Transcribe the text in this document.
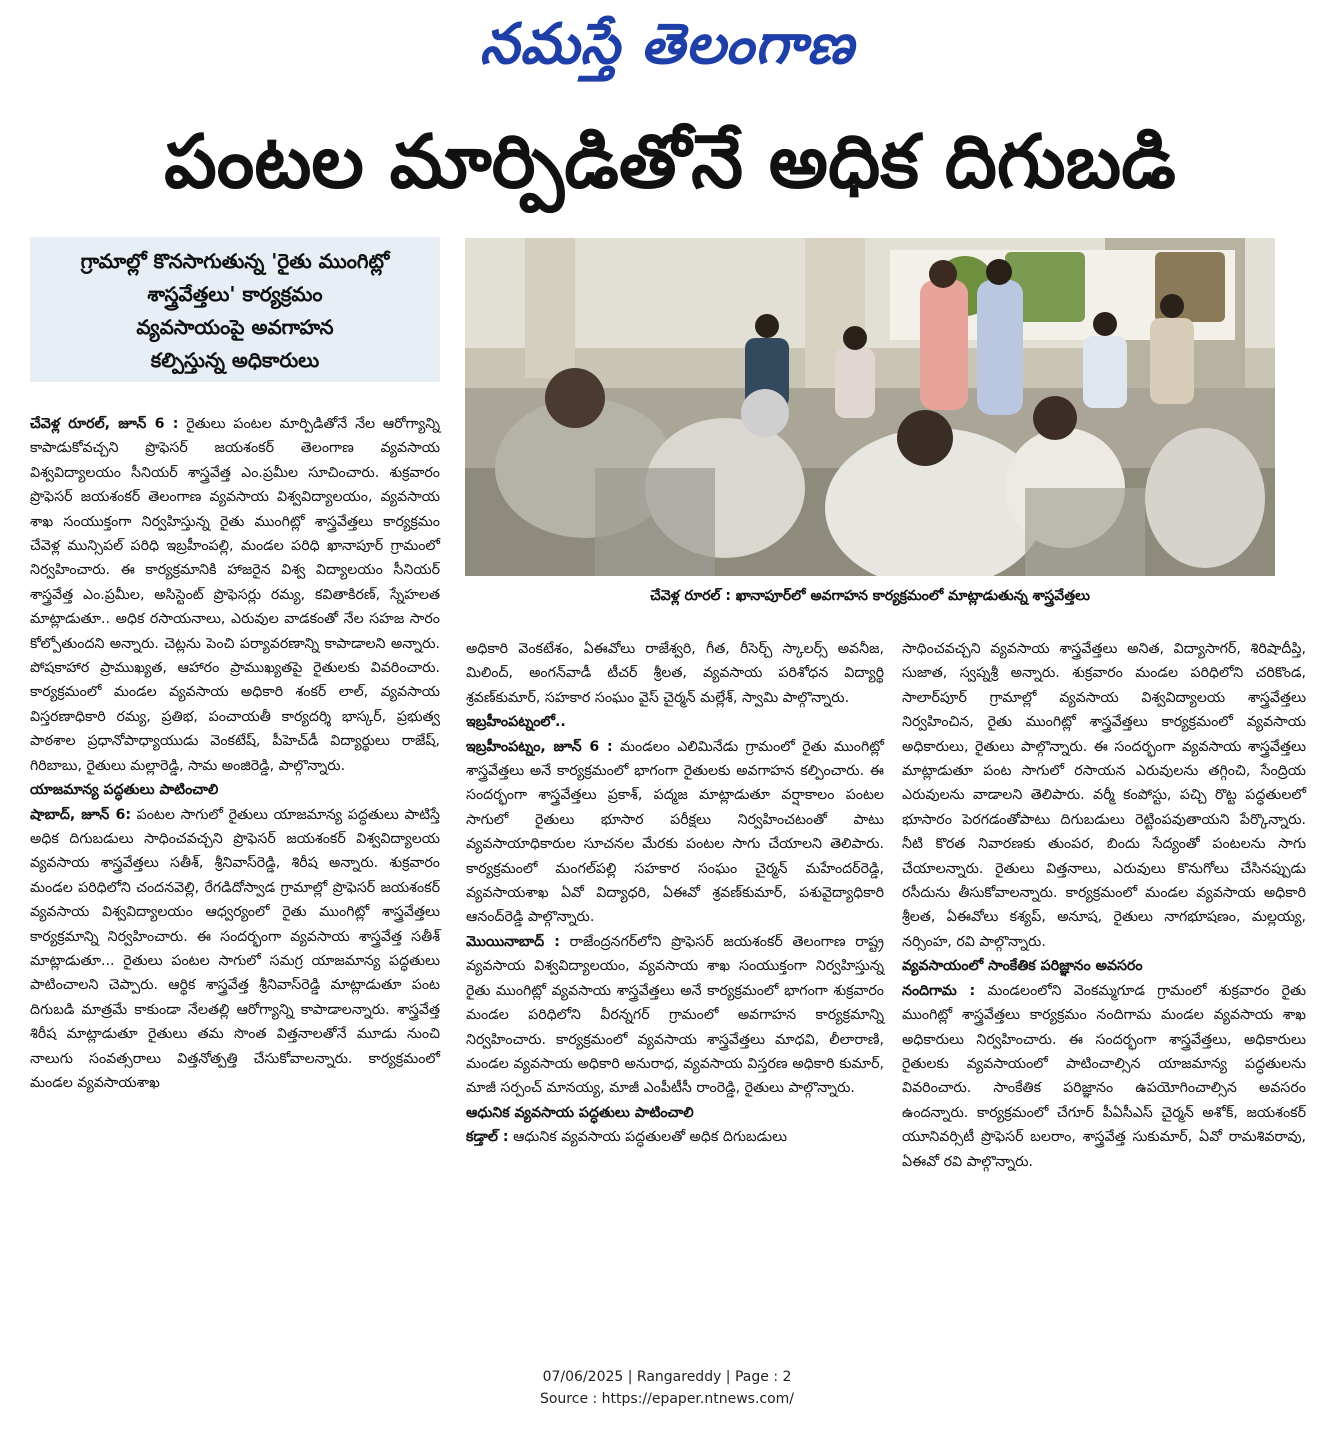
నమస్తే తెలంగాణ
పంటల మార్పిడితోనే అధిక దిగుబడి
గ్రామాల్లో కొనసాగుతున్న 'రైతు ముంగిట్లో
శాస్త్రవేత్తలు' కార్యక్రమం
వ్యవసాయంపై అవగాహన
కల్పిస్తున్న అధికారులు
చేవెళ్ల రూరల్ : ఖానాపూర్‌లో అవగాహన కార్యక్రమంలో మాట్లాడుతున్న శాస్త్రవేత్తలు

చేవెళ్ల రూరల్, జూన్ 6 : రైతులు పంటల మార్పిడితోనే నేల ఆరోగ్యాన్ని కాపాడుకోవచ్చని ప్రొఫెసర్ జయశంకర్ తెలంగాణ వ్యవసాయ విశ్వవిద్యాలయం సీనియర్ శాస్త్రవేత్త ఎం.ప్రమీల సూచించారు. శుక్రవారం ప్రొఫెసర్ జయశంకర్ తెలంగాణ వ్యవసాయ విశ్వవిద్యాలయం, వ్యవసాయ శాఖ సంయుక్తంగా నిర్వహిస్తున్న రైతు ముంగిట్లో శాస్త్రవేత్తలు కార్యక్రమం చేవెళ్ల మున్సిపల్ పరిధి ఇబ్రహీంపల్లి, మండల పరిధి ఖానాపూర్ గ్రామంలో నిర్వహించారు. ఈ కార్యక్రమానికి హాజరైన విశ్వ విద్యాలయం సీనియర్ శాస్త్రవేత్త ఎం.ప్రమీల, అసిస్టెంట్ ప్రొఫెసర్లు రమ్య, కవితాకిరణ్, స్నేహలత మాట్లాడుతూ.. అధిక రసాయనాలు, ఎరువుల వాడకంతో నేల సహజ సారం కోల్పోతుందని అన్నారు. చెట్లను పెంచి పర్యావరణాన్ని కాపాడాలని అన్నారు. పోషకాహార ప్రాముఖ్యత, ఆహారం ప్రాముఖ్యతపై రైతులకు వివరించారు. కార్యక్రమంలో మండల వ్యవసాయ అధికారి శంకర్ లాల్, వ్యవసాయ విస్తరణాధికారి రమ్య, ప్రతిభ, పంచాయతీ కార్యదర్శి భాస్కర్, ప్రభుత్వ పాఠశాల ప్రధానోపాధ్యాయుడు వెంకటేష్, పీహెచ్‌డీ విద్యార్థులు రాజేష్, గిరిబాబు, రైతులు మల్లారెడ్డి, సామ అంజిరెడ్డి, పాల్గొన్నారు.

యాజమాన్య పద్ధతులు పాటించాలి

షాబాద్, జూన్ 6: పంటల సాగులో రైతులు యాజమాన్య పద్ధతులు పాటిస్తే అధిక దిగుబడులు సాధించవచ్చని ప్రొఫెసర్ జయశంకర్ విశ్వవిద్యాలయ వ్యవసాయ శాస్త్రవేత్తలు సతీశ్, శ్రీనివాస్‌రెడ్డి, శిరీష అన్నారు. శుక్రవారం మండల పరిధిలోని చందనవెల్లి, రేగడిదోస్వాడ గ్రామాల్లో ప్రొఫెసర్ జయశంకర్ వ్యవసాయ విశ్వవిద్యాలయం ఆధ్వర్యంలో రైతు ముంగిట్లో శాస్త్రవేత్తలు కార్యక్రమాన్ని నిర్వహించారు. ఈ సందర్భంగా వ్యవసాయ శాస్త్రవేత్త సతీశ్ మాట్లాడుతూ... రైతులు పంటల సాగులో సమగ్ర యాజమాన్య పద్ధతులు పాటించాలని చెప్పారు. ఆర్థిక శాస్త్రవేత్త శ్రీనివాస్‌రెడ్డి మాట్లాడుతూ పంట దిగుబడి మాత్రమే కాకుండా నేలతల్లి ఆరోగ్యాన్ని కాపాడాలన్నారు. శాస్త్రవేత్త శిరీష మాట్లాడుతూ రైతులు తమ సొంత విత్తనాలతోనే మూడు నుంచి నాలుగు సంవత్సరాలు విత్తనోత్పత్తి చేసుకోవాలన్నారు. కార్యక్రమంలో మండల వ్యవసాయశాఖ

అధికారి వెంకటేశం, ఏఈవోలు రాజేశ్వరి, గీత, రీసెర్చ్ స్కాలర్స్ అవనీజ, మిలింద్, అంగన్‌వాడీ టీచర్ శ్రీలత, వ్యవసాయ పరిశోధన విద్యార్థి శ్రవణ్‌కుమార్, సహకార సంఘం వైస్ చైర్మన్ మల్లేశ్, స్వామి పాల్గొన్నారు.

ఇబ్రహీంపట్నంలో..

ఇబ్రహీంపట్నం, జూన్ 6 : మండలం ఎలిమినేడు గ్రామంలో రైతు ముంగిట్లో శాస్త్రవేత్తలు అనే కార్యక్రమంలో భాగంగా రైతులకు అవగాహన కల్పించారు. ఈ సందర్భంగా శాస్త్రవేత్తలు ప్రకాశ్, పద్మజ మాట్లాడుతూ వర్షాకాలం పంటల సాగులో రైతులు భూసార పరీక్షలు నిర్వహించటంతో పాటు వ్యవసాయాధికారుల సూచనల మేరకు పంటల సాగు చేయాలని తెలిపారు. కార్యక్రమంలో మంగల్‌పల్లి సహకార సంఘం చైర్మన్ మహేందర్‌రెడ్డి, వ్యవసాయశాఖ ఏవో విద్యాధరి, ఏఈవో శ్రవణ్‌కుమార్, పశువైద్యాధికారి ఆనంద్‌రెడ్డి పాల్గొన్నారు.

మొయినాబాద్ : రాజేంద్రనగర్‌లోని ప్రొఫెసర్ జయశంకర్ తెలంగాణ రాష్ట్ర వ్యవసాయ విశ్వవిద్యాలయం, వ్యవసాయ శాఖ సంయుక్తంగా నిర్వహిస్తున్న రైతు ముంగిట్లో వ్యవసాయ శాస్త్రవేత్తలు అనే కార్యక్రమంలో భాగంగా శుక్రవారం మండల పరిధిలోని వీరన్నగర్ గ్రామంలో అవగాహన కార్యక్రమాన్ని నిర్వహించారు. కార్యక్రమంలో వ్యవసాయ శాస్త్రవేత్తలు మాధవి, లీలారాణి, మండల వ్యవసాయ అధికారి అనురాధ, వ్యవసాయ విస్తరణ అధికారి కుమార్, మాజీ సర్పంచ్ మానయ్య, మాజీ ఎంపీటీసీ రాంరెడ్డి, రైతులు పాల్గొన్నారు.

ఆధునిక వ్యవసాయ పద్ధతులు పాటించాలి

కడ్తాల్ : ఆధునిక వ్యవసాయ పద్ధతులతో అధిక దిగుబడులు

సాధించవచ్చని వ్యవసాయ శాస్త్రవేత్తలు అనిత, విద్యాసాగర్, శిరిషాదీప్తి, సుజాత, స్వప్నశ్రీ అన్నారు. శుక్రవారం మండల పరిధిలోని చరికొండ, సాలార్‌పూర్ గ్రామాల్లో వ్యవసాయ విశ్వవిద్యాలయ శాస్త్రవేత్తలు నిర్వహించిన, రైతు ముంగిట్లో శాస్త్రవేత్తలు కార్యక్రమంలో వ్యవసాయ అధికారులు, రైతులు పాల్గొన్నారు. ఈ సందర్భంగా వ్యవసాయ శాస్త్రవేత్తలు మాట్లాడుతూ పంట సాగులో రసాయన ఎరువులను తగ్గించి, సేంద్రియ ఎరువులను వాడాలని తెలిపారు. వర్మీ కంపోస్టు, పచ్చి రొట్ట పద్ధతులలో భూసారం పెరగడంతోపాటు దిగుబడులు రెట్టింపవుతాయని పేర్కొన్నారు. నీటి కొరత నివారణకు తుంపర, బిందు సేద్యంతో పంటలను సాగు చేయాలన్నారు. రైతులు విత్తనాలు, ఎరువులు కొనుగోలు చేసినప్పుడు రసీదును తీసుకోవాలన్నారు. కార్యక్రమంలో మండల వ్యవసాయ అధికారి శ్రీలత, ఏఈవోలు కశ్యప్, అనూష, రైతులు నాగభూషణం, మల్లయ్య, నర్సింహ, రవి పాల్గొన్నారు.

వ్యవసాయంలో సాంకేతిక పరిజ్ఞానం అవసరం

నందిగామ : మండలంలోని వెంకమ్మగూడ గ్రామంలో శుక్రవారం రైతు ముంగిట్లో శాస్త్రవేత్తలు కార్యక్రమం నందిగామ మండల వ్యవసాయ శాఖ అధికారులు నిర్వహించారు. ఈ సందర్భంగా శాస్త్రవేత్తలు, అధికారులు రైతులకు వ్యవసాయంలో పాటించాల్సిన యాజమాన్య పద్ధతులను వివరించారు. సాంకేతిక పరిజ్ఞానం ఉపయోగించాల్సిన అవసరం ఉందన్నారు. కార్యక్రమంలో చేగూర్ పీఏసీఎస్ చైర్మన్ అశోక్, జయశంకర్ యూనివర్సిటీ ప్రొఫెసర్ బలరాం, శాస్త్రవేత్త సుకుమార్, ఏవో రామశివరావు, ఏఈవో రవి పాల్గొన్నారు.

07/06/2025 | Rangareddy | Page : 2
Source : https://epaper.ntnews.com/
